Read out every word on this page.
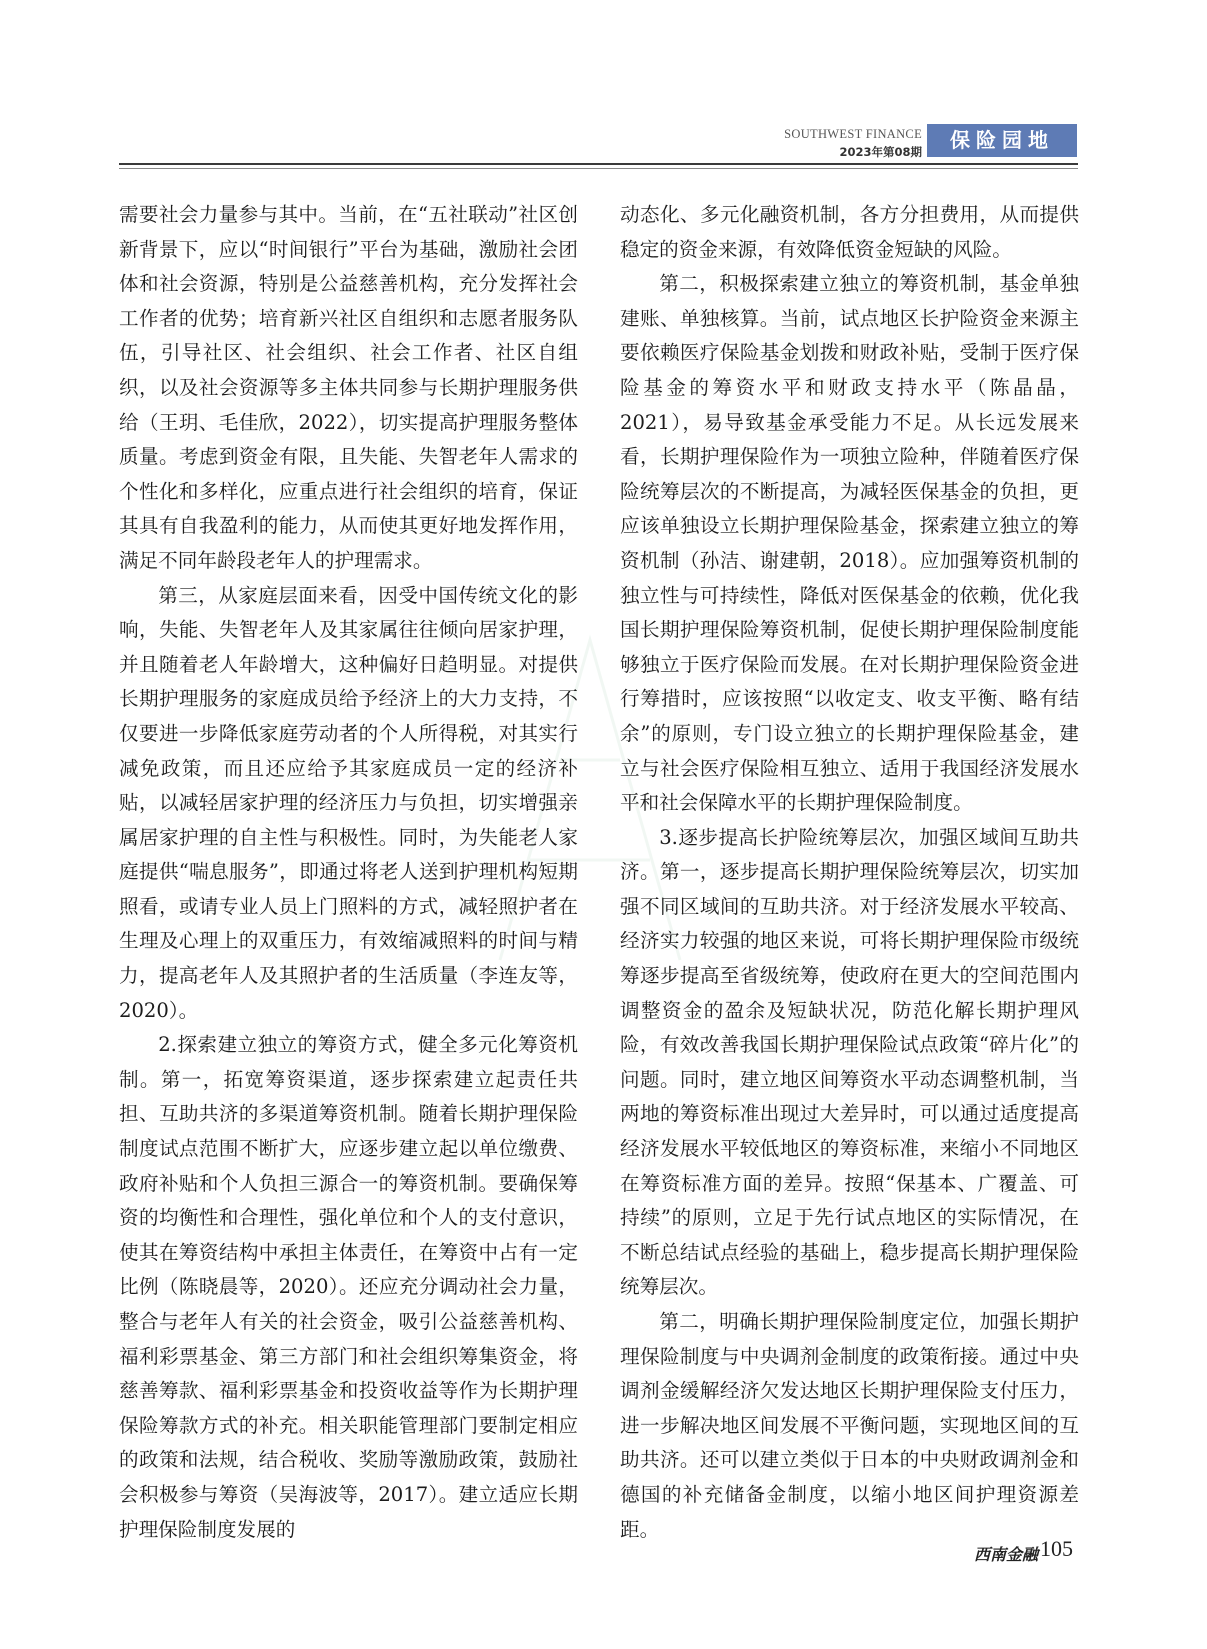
SOUTHWEST FINANCE
2023年第08期	保险园地

需要社会力量参与其中。当前，在“五社联动”社区创新背景下，应以“时间银行”平台为基础，激励社会团体和社会资源，特别是公益慈善机构，充分发挥社会工作者的优势；培育新兴社区自组织和志愿者服务队伍，引导社区、社会组织、社会工作者、社区自组织，以及社会资源等多主体共同参与长期护理服务供给（王玥、毛佳欣，2022），切实提高护理服务整体质量。考虑到资金有限，且失能、失智老年人需求的个性化和多样化，应重点进行社会组织的培育，保证其具有自我盈利的能力，从而使其更好地发挥作用，满足不同年龄段老年人的护理需求。

第三，从家庭层面来看，因受中国传统文化的影响，失能、失智老年人及其家属往往倾向居家护理，并且随着老人年龄增大，这种偏好日趋明显。对提供长期护理服务的家庭成员给予经济上的大力支持，不仅要进一步降低家庭劳动者的个人所得税，对其实行减免政策，而且还应给予其家庭成员一定的经济补贴，以减轻居家护理的经济压力与负担，切实增强亲属居家护理的自主性与积极性。同时，为失能老人家庭提供“喘息服务”，即通过将老人送到护理机构短期照看，或请专业人员上门照料的方式，减轻照护者在生理及心理上的双重压力，有效缩减照料的时间与精力，提高老年人及其照护者的生活质量（李连友等，2020）。

2.探索建立独立的筹资方式，健全多元化筹资机制。第一，拓宽筹资渠道，逐步探索建立起责任共担、互助共济的多渠道筹资机制。随着长期护理保险制度试点范围不断扩大，应逐步建立起以单位缴费、政府补贴和个人负担三源合一的筹资机制。要确保筹资的均衡性和合理性，强化单位和个人的支付意识，使其在筹资结构中承担主体责任，在筹资中占有一定比例（陈晓晨等，2020）。还应充分调动社会力量，整合与老年人有关的社会资金，吸引公益慈善机构、福利彩票基金、第三方部门和社会组织筹集资金，将慈善筹款、福利彩票基金和投资收益等作为长期护理保险筹款方式的补充。相关职能管理部门要制定相应的政策和法规，结合税收、奖励等激励政策，鼓励社会积极参与筹资（吴海波等，2017）。建立适应长期护理保险制度发展的

动态化、多元化融资机制，各方分担费用，从而提供稳定的资金来源，有效降低资金短缺的风险。

第二，积极探索建立独立的筹资机制，基金单独建账、单独核算。当前，试点地区长护险资金来源主要依赖医疗保险基金划拨和财政补贴，受制于医疗保险基金的筹资水平和财政支持水平（陈晶晶，2021），易导致基金承受能力不足。从长远发展来看，长期护理保险作为一项独立险种，伴随着医疗保险统筹层次的不断提高，为减轻医保基金的负担，更应该单独设立长期护理保险基金，探索建立独立的筹资机制（孙洁、谢建朝，2018）。应加强筹资机制的独立性与可持续性，降低对医保基金的依赖，优化我国长期护理保险筹资机制，促使长期护理保险制度能够独立于医疗保险而发展。在对长期护理保险资金进行筹措时，应该按照“以收定支、收支平衡、略有结余”的原则，专门设立独立的长期护理保险基金，建立与社会医疗保险相互独立、适用于我国经济发展水平和社会保障水平的长期护理保险制度。

3.逐步提高长护险统筹层次，加强区域间互助共济。第一，逐步提高长期护理保险统筹层次，切实加强不同区域间的互助共济。对于经济发展水平较高、经济实力较强的地区来说，可将长期护理保险市级统筹逐步提高至省级统筹，使政府在更大的空间范围内调整资金的盈余及短缺状况，防范化解长期护理风险，有效改善我国长期护理保险试点政策“碎片化”的问题。同时，建立地区间筹资水平动态调整机制，当两地的筹资标准出现过大差异时，可以通过适度提高经济发展水平较低地区的筹资标准，来缩小不同地区在筹资标准方面的差异。按照“保基本、广覆盖、可持续”的原则，立足于先行试点地区的实际情况，在不断总结试点经验的基础上，稳步提高长期护理保险统筹层次。

第二，明确长期护理保险制度定位，加强长期护理保险制度与中央调剂金制度的政策衔接。通过中央调剂金缓解经济欠发达地区长期护理保险支付压力，进一步解决地区间发展不平衡问题，实现地区间的互助共济。还可以建立类似于日本的中央财政调剂金和德国的补充储备金制度，以缩小地区间护理资源差距。

西南金融 105
